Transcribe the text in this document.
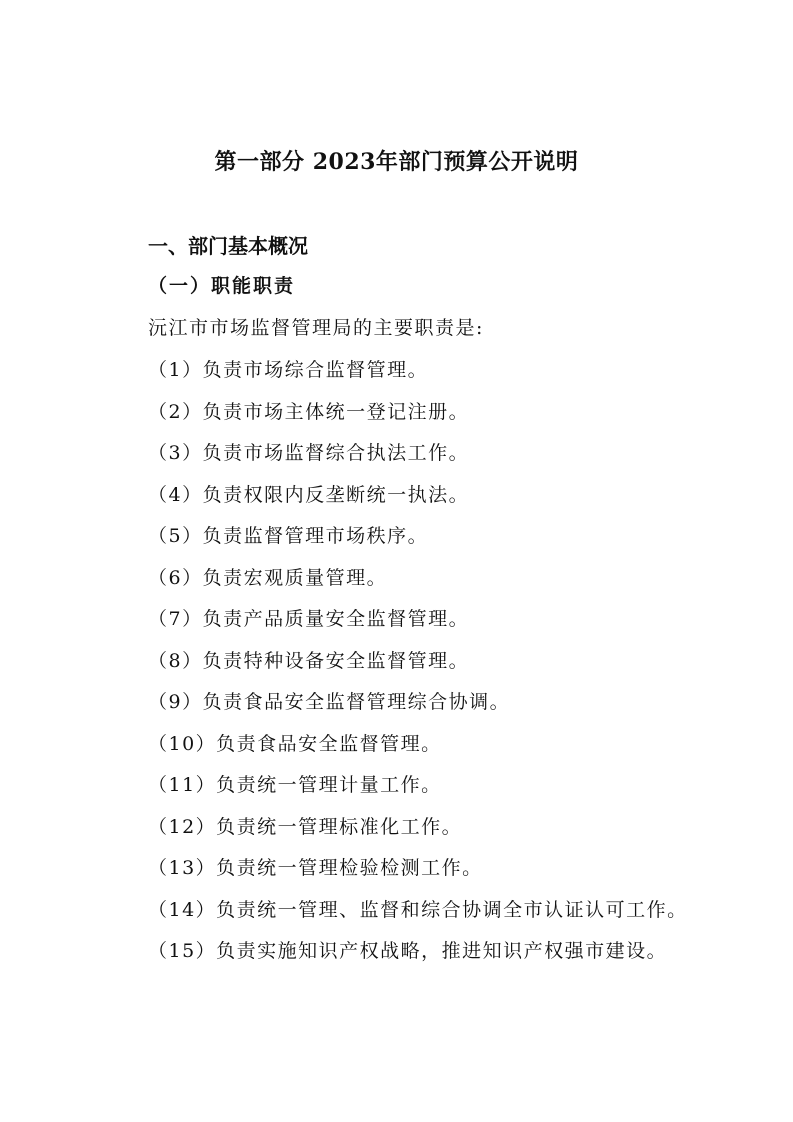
第一部分 2023年部门预算公开说明
一、部门基本概况
（一）职能职责
沅江市市场监督管理局的主要职责是:
（1）负责市场综合监督管理。
（2）负责市场主体统一登记注册。
（3）负责市场监督综合执法工作。
（4）负责权限内反垄断统一执法。
（5）负责监督管理市场秩序。
（6）负责宏观质量管理。
（7）负责产品质量安全监督管理。
（8）负责特种设备安全监督管理。
（9）负责食品安全监督管理综合协调。
（10）负责食品安全监督管理。
（11）负责统一管理计量工作。
（12）负责统一管理标准化工作。
（13）负责统一管理检验检测工作。
（14）负责统一管理、监督和综合协调全市认证认可工作。
（15）负责实施知识产权战略，推进知识产权强市建设。
